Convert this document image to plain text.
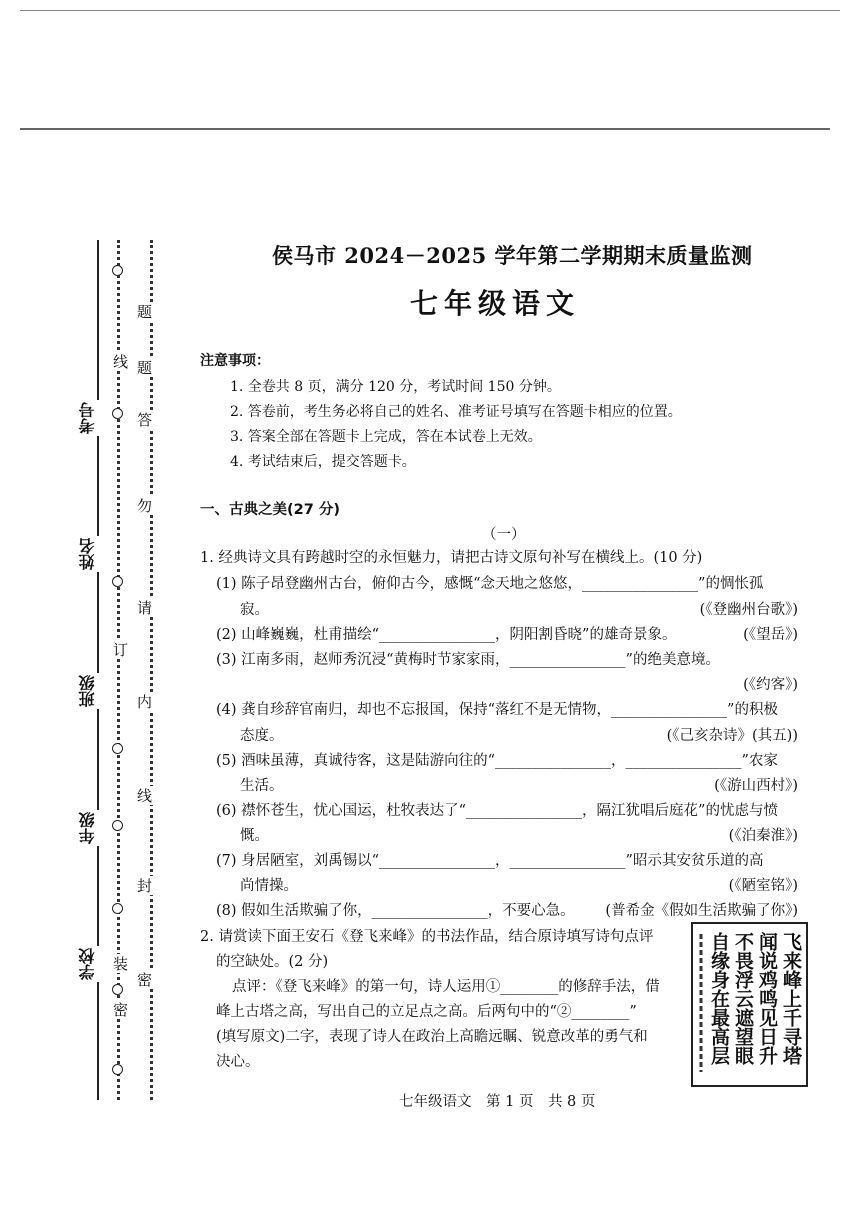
考号
姓名
班级
年级
学校
线
订
装
题
题
答
勿
请
内
线
封
密
密
侯马市 2024－2025 学年第二学期期末质量监测
七年级语文
注意事项：
1. 全卷共 8 页，满分 120 分，考试时间 150 分钟。
2. 答卷前，考生务必将自己的姓名、准考证号填写在答题卡相应的位置。
3. 答案全部在答题卡上完成，答在本试卷上无效。
4. 考试结束后，提交答题卡。
一、古典之美(27 分)
（一）
1. 经典诗文具有跨越时空的永恒魅力，请把古诗文原句补写在横线上。(10 分)
(1) 陈子昂登幽州古台，俯仰古今，感慨“念天地之悠悠，________________”的惆怅孤
寂。	(《登幽州台歌》)
(2) 山峰巍巍，杜甫描绘“________________，阴阳割昏晓”的雄奇景象。	(《望岳》)
(3) 江南多雨，赵师秀沉浸“黄梅时节家家雨，________________”的绝美意境。
(《约客》)
(4) 龚自珍辞官南归，却也不忘报国，保持“落红不是无情物，________________”的积极
态度。	(《己亥杂诗》(其五))
(5) 酒味虽薄，真诚待客，这是陆游向往的“________________，________________”农家
生活。	(《游山西村》)
(6) 襟怀苍生，忧心国运，杜牧表达了“________________，隔江犹唱后庭花”的忧虑与愤
慨。	(《泊秦淮》)
(7) 身居陋室，刘禹锡以“________________，________________”昭示其安贫乐道的高
尚情操。	(《陋室铭》)
(8) 假如生活欺骗了你，________________，不要心急。 (普希金《假如生活欺骗了你》)
2. 请赏读下面王安石《登飞来峰》的书法作品，结合原诗填写诗句点评
的空缺处。(2 分)
点评：《登飞来峰》的第一句，诗人运用①________的修辞手法，借
峰上古塔之高，写出自己的立足点之高。后两句中的“②________”
(填写原文)二字，表现了诗人在政治上高瞻远瞩、锐意改革的勇气和
决心。	飞来峰上千寻塔
闻说鸡鸣见日升
不畏浮云遮望眼
自缘身在最高层
七年级语文　第 1 页　共 8 页
